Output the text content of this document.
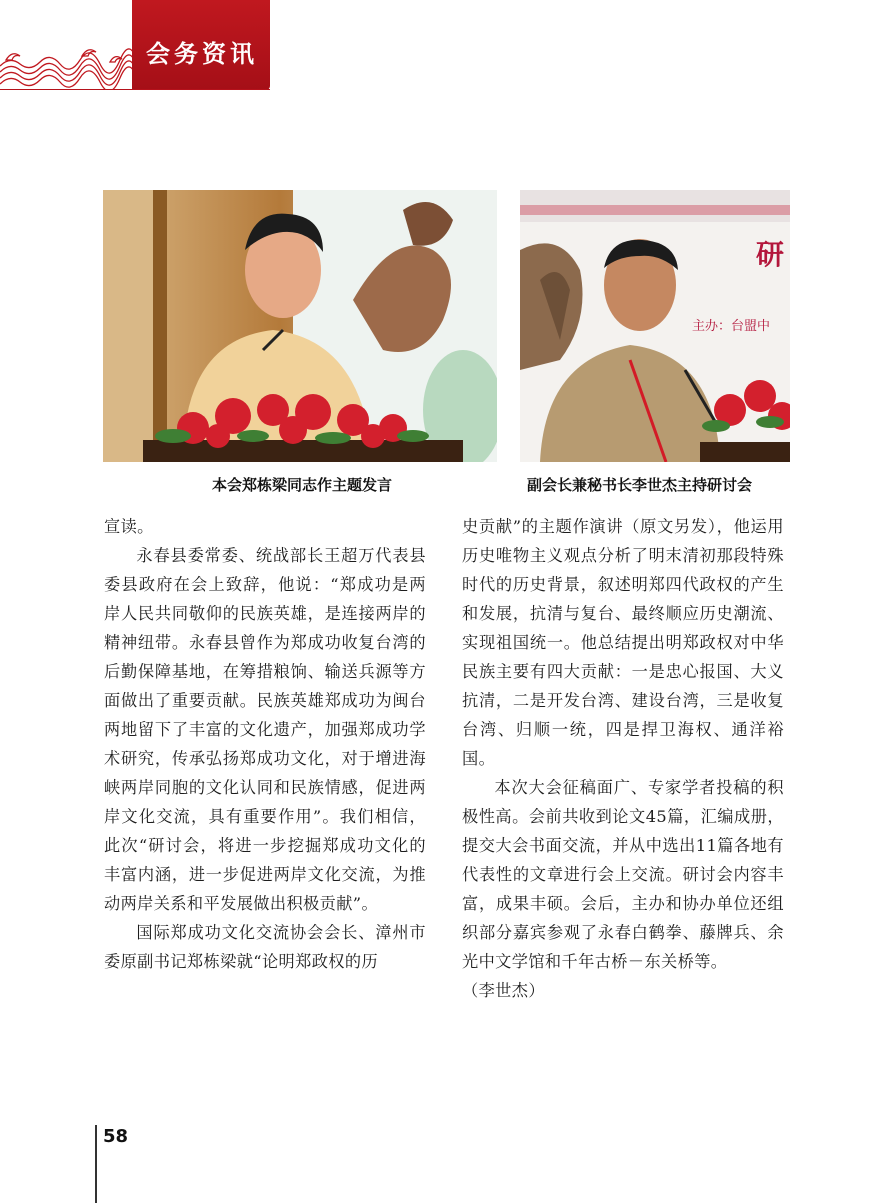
会务资讯
研
主办：台盟中
本会郑栋梁同志作主题发言	副会长兼秘书长李世杰主持研讨会

宣读。

永春县委常委、统战部长王超万代表县委县政府在会上致辞，他说：“郑成功是两岸人民共同敬仰的民族英雄，是连接两岸的精神纽带。永春县曾作为郑成功收复台湾的后勤保障基地，在筹措粮饷、输送兵源等方面做出了重要贡献。民族英雄郑成功为闽台两地留下了丰富的文化遗产，加强郑成功学术研究，传承弘扬郑成功文化，对于增进海峡两岸同胞的文化认同和民族情感，促进两岸文化交流，具有重要作用”。我们相信，此次“研讨会，将进一步挖掘郑成功文化的丰富内涵，进一步促进两岸文化交流，为推动两岸关系和平发展做出积极贡献”。

国际郑成功文化交流协会会长、漳州市委原副书记郑栋梁就“论明郑政权的历

史贡献”的主题作演讲（原文另发），他运用历史唯物主义观点分析了明末清初那段特殊时代的历史背景，叙述明郑四代政权的产生和发展，抗清与复台、最终顺应历史潮流、实现祖国统一。他总结提出明郑政权对中华民族主要有四大贡献：一是忠心报国、大义抗清，二是开发台湾、建设台湾，三是收复台湾、归顺一统，四是捍卫海权、通洋裕国。

本次大会征稿面广、专家学者投稿的积极性高。会前共收到论文45篇，汇编成册，提交大会书面交流，并从中选出11篇各地有代表性的文章进行会上交流。研讨会内容丰富，成果丰硕。会后，主办和协办单位还组织部分嘉宾参观了永春白鹤拳、藤牌兵、余光中文学馆和千年古桥－东关桥等。

（李世杰）

58
